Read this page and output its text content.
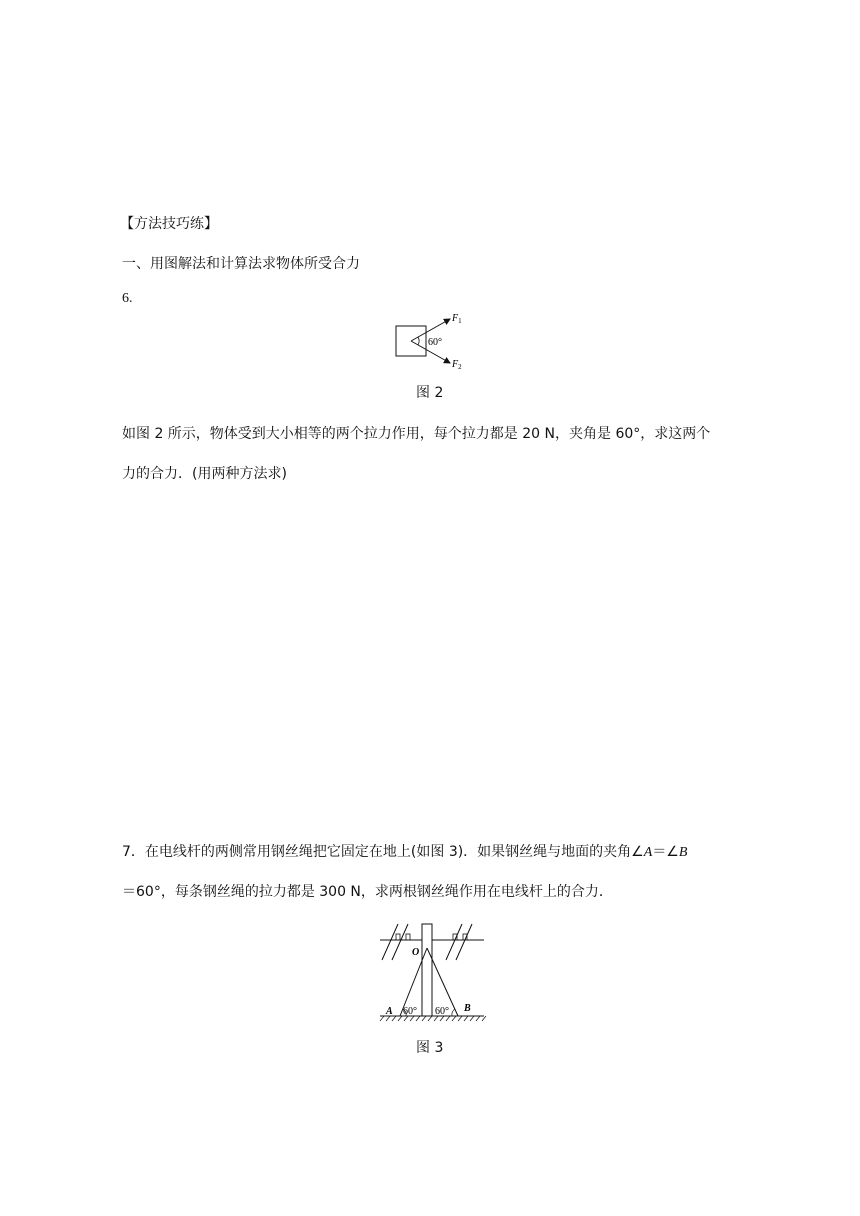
【方法技巧练】
一、用图解法和计算法求物体所受合力
6.
60°
$F_1$
$F_2$
图 2
如图 2 所示，物体受到大小相等的两个拉力作用，每个拉力都是 20 N，夹角是 60°，求这两个
力的合力．(用两种方法求)
7．在电线杆的两侧常用钢丝绳把它固定在地上(如图 3)．如果钢丝绳与地面的夹角∠A＝∠B
＝60°，每条钢丝绳的拉力都是 300 N，求两根钢丝绳作用在电线杆上的合力．
O
A	B
60° 60°
图 3
